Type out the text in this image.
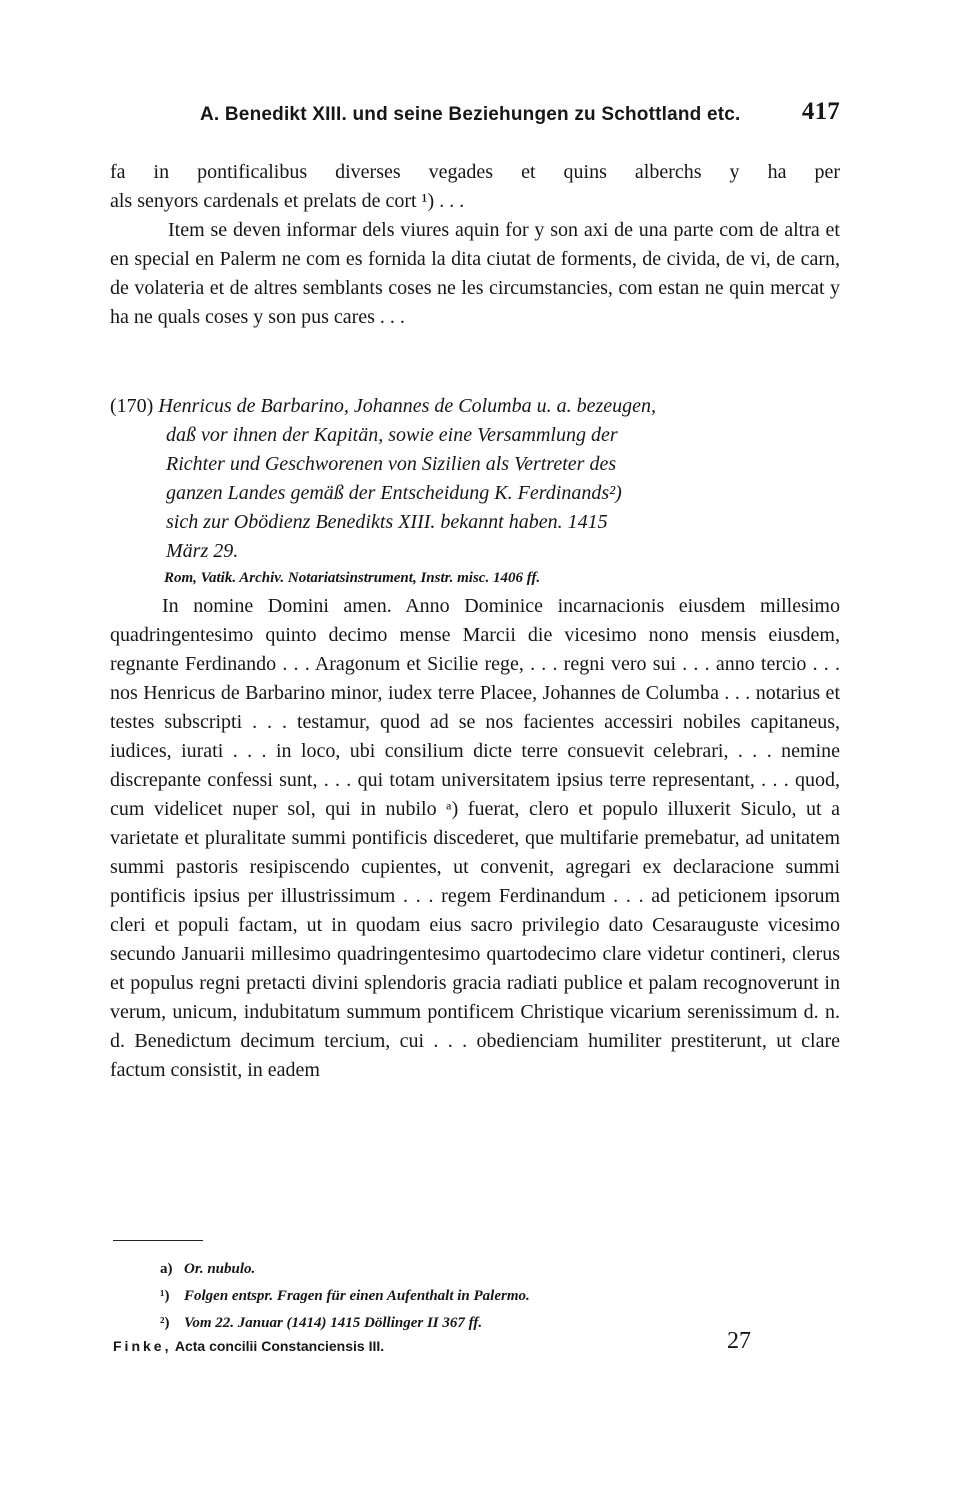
A. Benedikt XIII. und seine Beziehungen zu Schottland etc. 417

fa in pontificalibus diverses vegades et quins alberchs y ha per

als senyors cardenals et prelats de cort ¹) . . .

Item se deven informar dels viures aquin for y son axi de una parte com de altra et en special en Palerm ne com es fornida la dita ciutat de forments, de civida, de vi, de carn, de volateria et de altres semblants coses ne les circumstancies, com estan ne quin mercat y ha ne quals coses y son pus cares . . .

(170) Henricus de Barbarino, Johannes de Columba u. a. bezeugen,
daß vor ihnen der Kapitän, sowie eine Versammlung der
Richter und Geschworenen von Sizilien als Vertreter des
ganzen Landes gemäß der Entscheidung K. Ferdinands²)
sich zur Obödienz Benedikts XIII. bekannt haben. 1415
März 29.
Rom, Vatik. Archiv. Notariatsinstrument, Instr. misc. 1406 ff.

In nomine Domini amen. Anno Dominice incarnacionis eiusdem millesimo quadringentesimo quinto decimo mense Marcii die vicesimo nono mensis eiusdem, regnante Ferdinando . . . Aragonum et Sicilie rege, . . . regni vero sui . . . anno tercio . . . nos Henricus de Barbarino minor, iudex terre Placee, Johannes de Columba . . . notarius et testes subscripti . . . testamur, quod ad se nos facientes accessiri nobiles capitaneus, iudices, iurati . . . in loco, ubi consilium dicte terre consuevit celebrari, . . . nemine discrepante confessi sunt, . . . qui totam universitatem ipsius terre representant, . . . quod, cum videlicet nuper sol, qui in nubilo ᵃ) fuerat, clero et populo illuxerit Siculo, ut a varietate et pluralitate summi pontificis discederet, que multifarie premebatur, ad unitatem summi pastoris resipiscendo cupientes, ut convenit, agregari ex declaracione summi pontificis ipsius per illustrissimum . . . regem Ferdinandum . . . ad peticionem ipsorum cleri et populi factam, ut in quodam eius sacro privilegio dato Cesarauguste vicesimo secundo Januarii millesimo quadringentesimo quartodecimo clare videtur contineri, clerus et populus regni pretacti divini splendoris gracia radiati publice et palam recognoverunt in verum, unicum, indubitatum summum pontificem Christique vicarium serenissimum d. n. d. Benedictum decimum tercium, cui . . . obedienciam humiliter prestiterunt, ut clare factum consistit, in eadem

a) Or. nubulo.
¹) Folgen entspr. Fragen für einen Aufenthalt in Palermo.
²) Vom 22. Januar (1414) 1415 Döllinger II 367 ff.
Finke, Acta concilii Constanciensis III.	27
